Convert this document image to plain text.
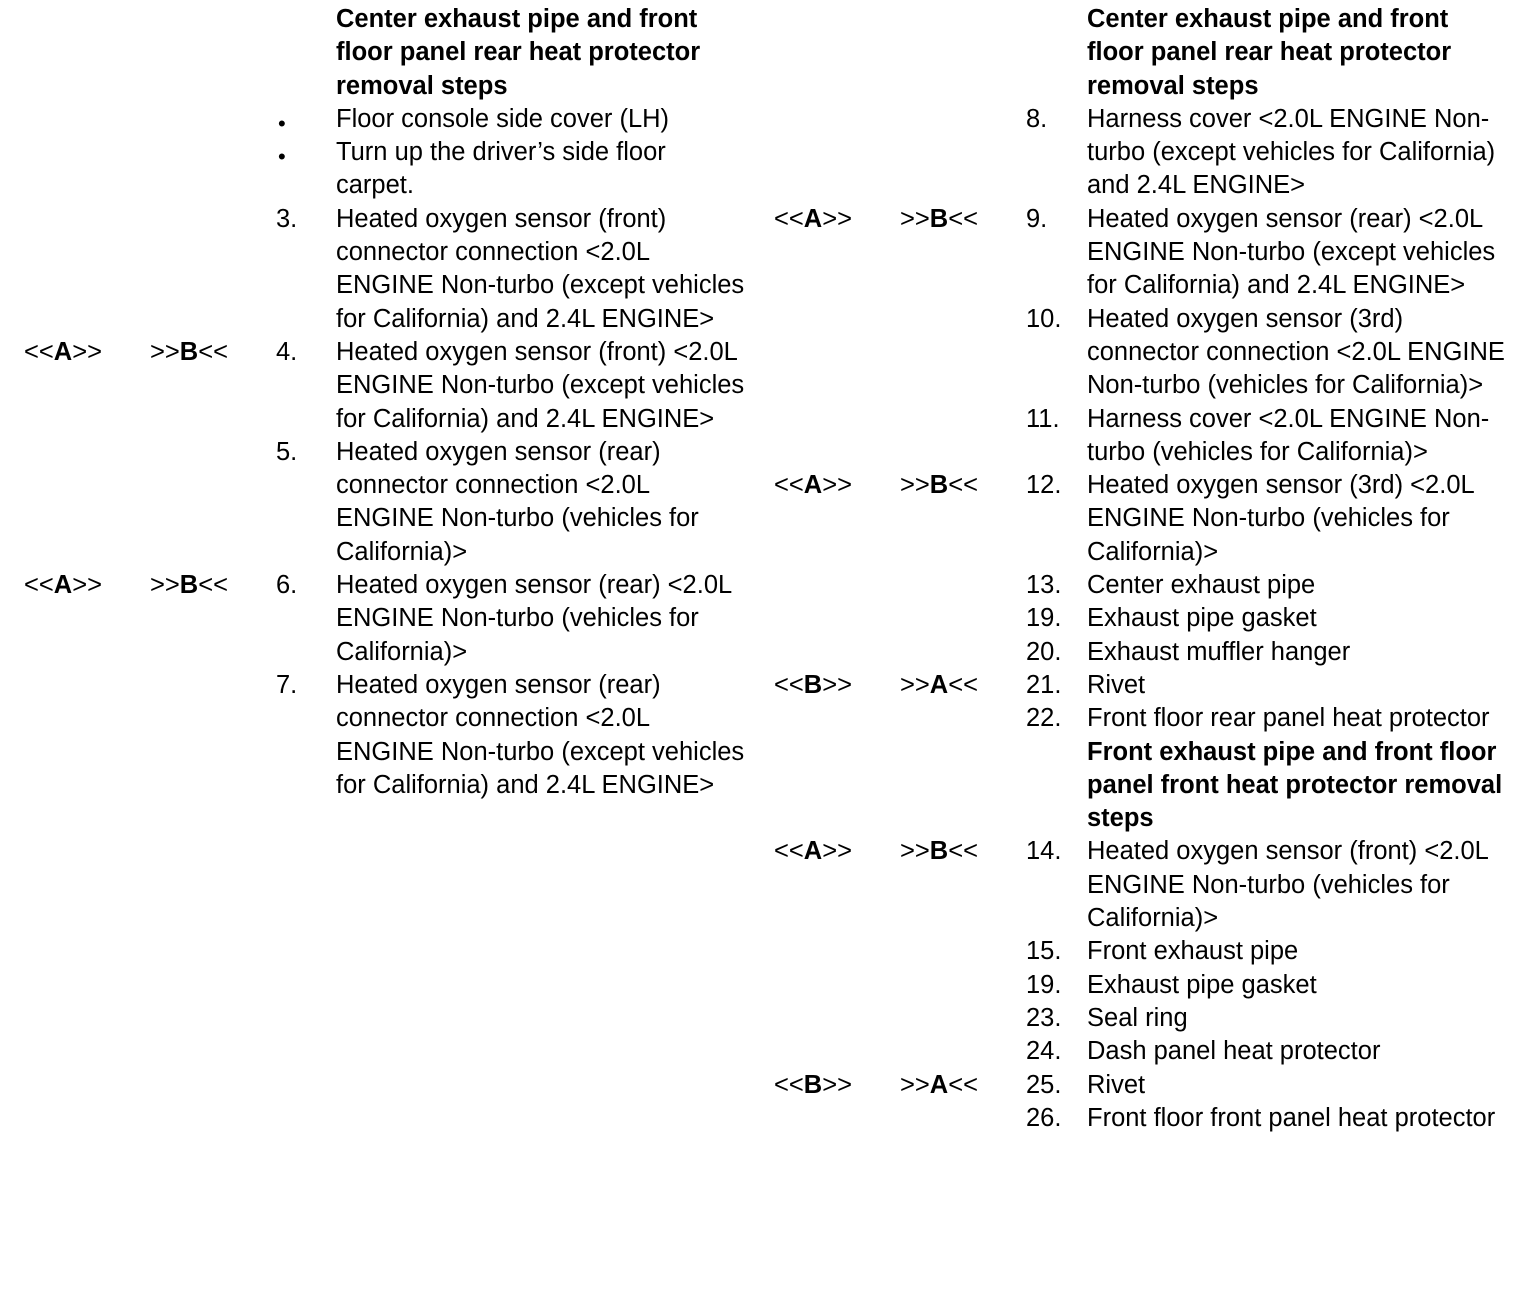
Center exhaust pipe and front floor panel rear heat protector removal steps
• Floor console side cover (LH)
• Turn up the driver’s side floor carpet.
3. Heated oxygen sensor (front) connector connection <2.0L ENGINE Non-turbo (except vehicles for California) and 2.4L ENGINE>
<<A>> >>B<< 4. Heated oxygen sensor (front) <2.0L ENGINE Non-turbo (except vehicles for California) and 2.4L ENGINE>
5. Heated oxygen sensor (rear) connector connection <2.0L ENGINE Non-turbo (vehicles for California)>
<<A>> >>B<< 6. Heated oxygen sensor (rear) <2.0L ENGINE Non-turbo (vehicles for California)>
7. Heated oxygen sensor (rear) connector connection <2.0L ENGINE Non-turbo (except vehicles for California) and 2.4L ENGINE>
Center exhaust pipe and front floor panel rear heat protector removal steps
8. Harness cover <2.0L ENGINE Non-turbo (except vehicles for California) and 2.4L ENGINE>
<<A>> >>B<< 9. Heated oxygen sensor (rear) <2.0L ENGINE Non-turbo (except vehicles for California) and 2.4L ENGINE>
10. Heated oxygen sensor (3rd) connector connection <2.0L ENGINE Non-turbo (vehicles for California)>
11. Harness cover <2.0L ENGINE Non-turbo (vehicles for California)>
<<A>> >>B<< 12. Heated oxygen sensor (3rd) <2.0L ENGINE Non-turbo (vehicles for California)>
13. Center exhaust pipe
19. Exhaust pipe gasket
20. Exhaust muffler hanger
<<B>> >>A<< 21. Rivet
22. Front floor rear panel heat protector
Front exhaust pipe and front floor panel front heat protector removal steps
<<A>> >>B<< 14. Heated oxygen sensor (front) <2.0L ENGINE Non-turbo (vehicles for California)>
15. Front exhaust pipe
19. Exhaust pipe gasket
23. Seal ring
24. Dash panel heat protector
<<B>> >>A<< 25. Rivet
26. Front floor front panel heat protector
